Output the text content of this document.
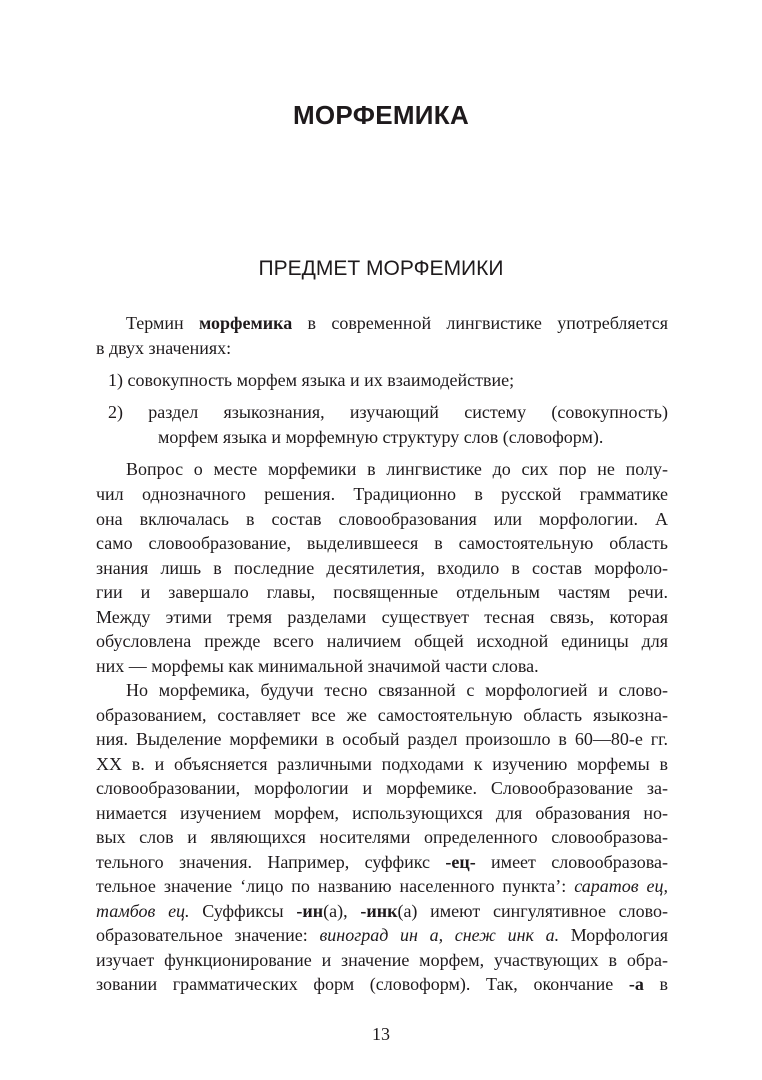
МОРФЕМИКА
ПРЕДМЕТ МОРФЕМИКИ
Термин морфемика в современной лингвистике употребляется
в двух значениях:
1) совокупность морфем языка и их взаимодействие;
2) раздел языкознания, изучающий систему (совокупность)
морфем языка и морфемную структуру слов (словоформ).
Вопрос о месте морфемики в лингвистике до сих пор не полу-
чил однозначного решения. Традиционно в русской грамматике
она включалась в состав словообразования или морфологии. А
само словообразование, выделившееся в самостоятельную область
знания лишь в последние десятилетия, входило в состав морфоло-
гии и завершало главы, посвященные отдельным частям речи.
Между этими тремя разделами существует тесная связь, которая
обусловлена прежде всего наличием общей исходной единицы для
них — морфемы как минимальной значимой части слова.
Но морфемика, будучи тесно связанной с морфологией и слово-
образованием, составляет все же самостоятельную область языкозна-
ния. Выделение морфемики в особый раздел произошло в 60—80-е гг.
XX в. и объясняется различными подходами к изучению морфемы в
словообразовании, морфологии и морфемике. Словообразование за-
нимается изучением морфем, использующихся для образования но-
вых слов и являющихся носителями определенного словообразова-
тельного значения. Например, суффикс -ец- имеет словообразова-
тельное значение ‘лицо по названию населенного пункта’: саратов ец,
тамбов ец. Суффиксы -ин(а), -инк(а) имеют сингулятивное слово-
образовательное значение: виноград ин а, снеж инк а. Морфология
изучает функционирование и значение морфем, участвующих в обра-
зовании грамматических форм (словоформ). Так, окончание -а в
13
